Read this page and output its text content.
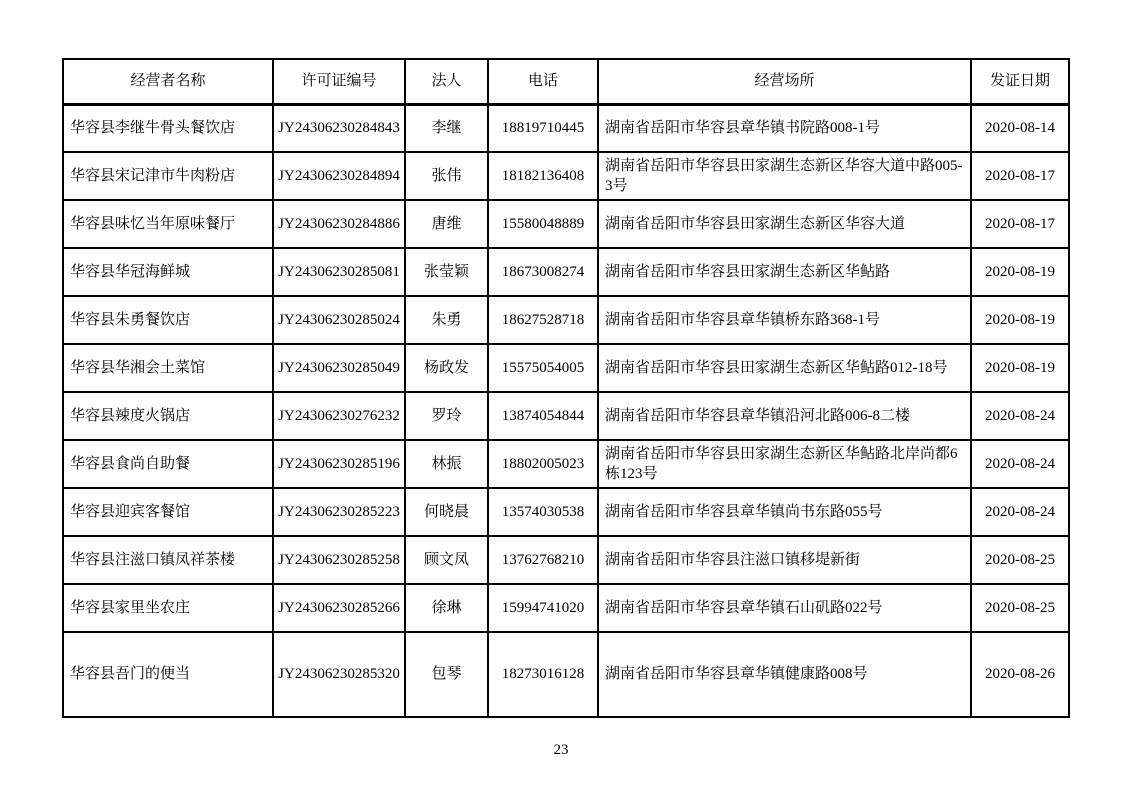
经营者名称	许可证编号	法人	电话	经营场所	发证日期
华容县李继牛骨头餐饮店	JY24306230284843	李继	18819710445	湖南省岳阳市华容县章华镇书院路008-1号	2020-08-14
华容县宋记津市牛肉粉店	JY24306230284894	张伟	18182136408	湖南省岳阳市华容县田家湖生态新区华容大道中路005-3号	2020-08-17
华容县味忆当年原味餐厅	JY24306230284886	唐维	15580048889	湖南省岳阳市华容县田家湖生态新区华容大道	2020-08-17
华容县华冠海鲜城	JY24306230285081	张莹颖	18673008274	湖南省岳阳市华容县田家湖生态新区华鲇路	2020-08-19
华容县朱勇餐饮店	JY24306230285024	朱勇	18627528718	湖南省岳阳市华容县章华镇桥东路368-1号	2020-08-19
华容县华湘会土菜馆	JY24306230285049	杨政发	15575054005	湖南省岳阳市华容县田家湖生态新区华鲇路012-18号	2020-08-19
华容县辣度火锅店	JY24306230276232	罗玲	13874054844	湖南省岳阳市华容县章华镇沿河北路006-8二楼	2020-08-24
华容县食尚自助餐	JY24306230285196	林振	18802005023	湖南省岳阳市华容县田家湖生态新区华鲇路北岸尚都6栋123号	2020-08-24
华容县迎宾客餐馆	JY24306230285223	何晓晨	13574030538	湖南省岳阳市华容县章华镇尚书东路055号	2020-08-24
华容县注滋口镇凤祥茶楼	JY24306230285258	顾文凤	13762768210	湖南省岳阳市华容县注滋口镇移堤新街	2020-08-25
华容县家里坐农庄	JY24306230285266	徐琳	15994741020	湖南省岳阳市华容县章华镇石山矶路022号	2020-08-25
华容县吾门的便当	JY24306230285320	包琴	18273016128	湖南省岳阳市华容县章华镇健康路008号	2020-08-26
23
